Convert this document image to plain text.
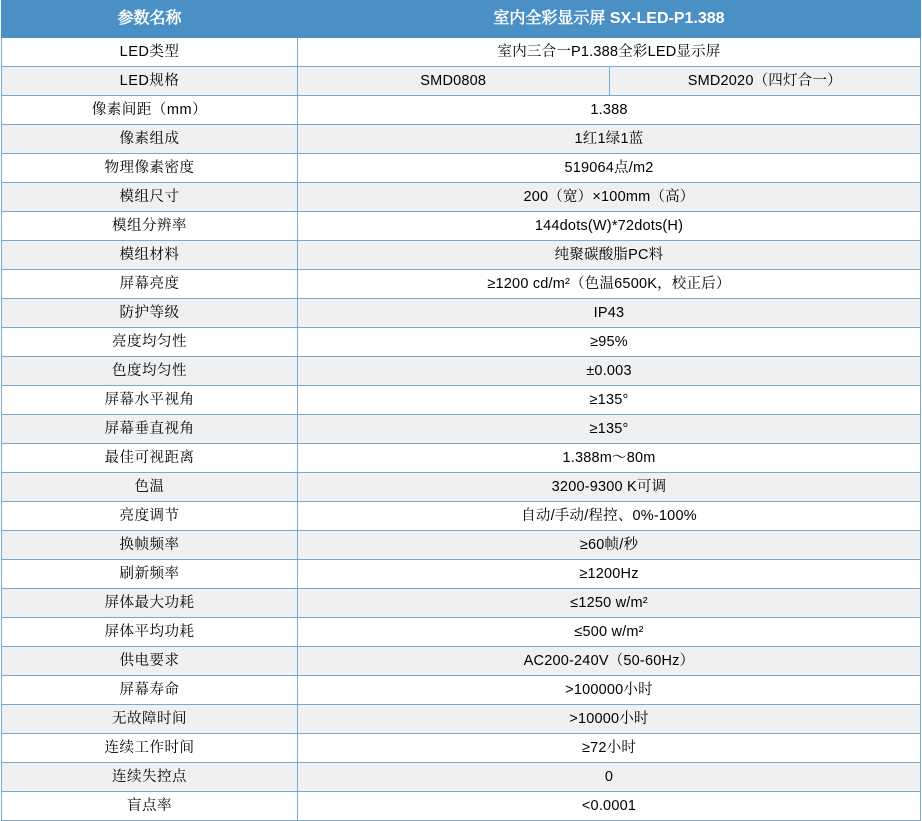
参数名称	室内全彩显示屏 SX-LED-P1.388
LED类型	室内三合一P1.388全彩LED显示屏
LED规格		SMD0808	SMD2020（四灯合一）

像素间距（mm）	1.388
像素组成	1红1绿1蓝
物理像素密度	519064点/m2
模组尺寸	200（宽）×100mm（高）
模组分辨率	144dots(W)*72dots(H)
模组材料	纯聚碳酸脂PC料
屏幕亮度	≥1200 cd/m²（色温6500K，校正后）
防护等级	IP43
亮度均匀性	≥95%
色度均匀性	±0.003
屏幕水平视角	≥135°
屏幕垂直视角	≥135°
最佳可视距离	1.388m～80m
色温	3200-9300 K可调
亮度调节	自动/手动/程控、0%-100%
换帧频率	≥60帧/秒
刷新频率	≥1200Hz
屏体最大功耗	≤1250 w/m²
屏体平均功耗	≤500 w/m²
供电要求	AC200-240V（50-60Hz）
屏幕寿命	>100000小时
无故障时间	>10000小时
连续工作时间	≥72小时
连续失控点	0
盲点率	<0.0001
